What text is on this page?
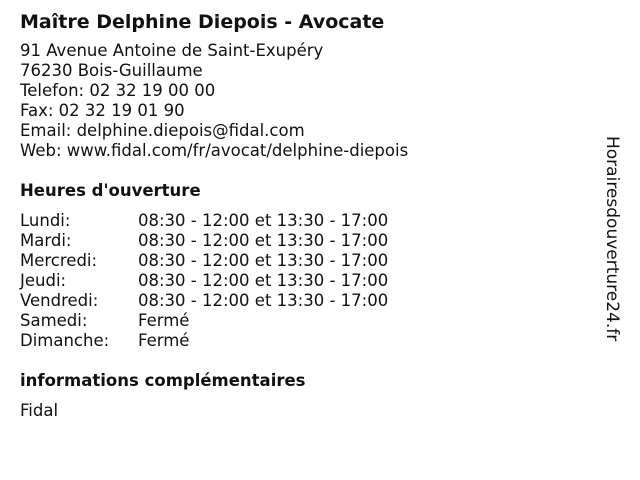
Maître Delphine Diepois - Avocate
91 Avenue Antoine de Saint-Exupéry
76230 Bois-Guillaume
Telefon: 02 32 19 00 00
Fax: 02 32 19 01 90
Email: delphine.diepois@fidal.com
Web: www.fidal.com/fr/avocat/delphine-diepois
Heures d'ouverture
Lundi:	08:30 - 12:00 et 13:30 - 17:00
Mardi:	08:30 - 12:00 et 13:30 - 17:00
Mercredi:	08:30 - 12:00 et 13:30 - 17:00
Jeudi:	08:30 - 12:00 et 13:30 - 17:00
Vendredi:	08:30 - 12:00 et 13:30 - 17:00
Samedi:	Fermé
Dimanche:	Fermé
informations complémentaires
Fidal
Horairesdouverture24.fr
